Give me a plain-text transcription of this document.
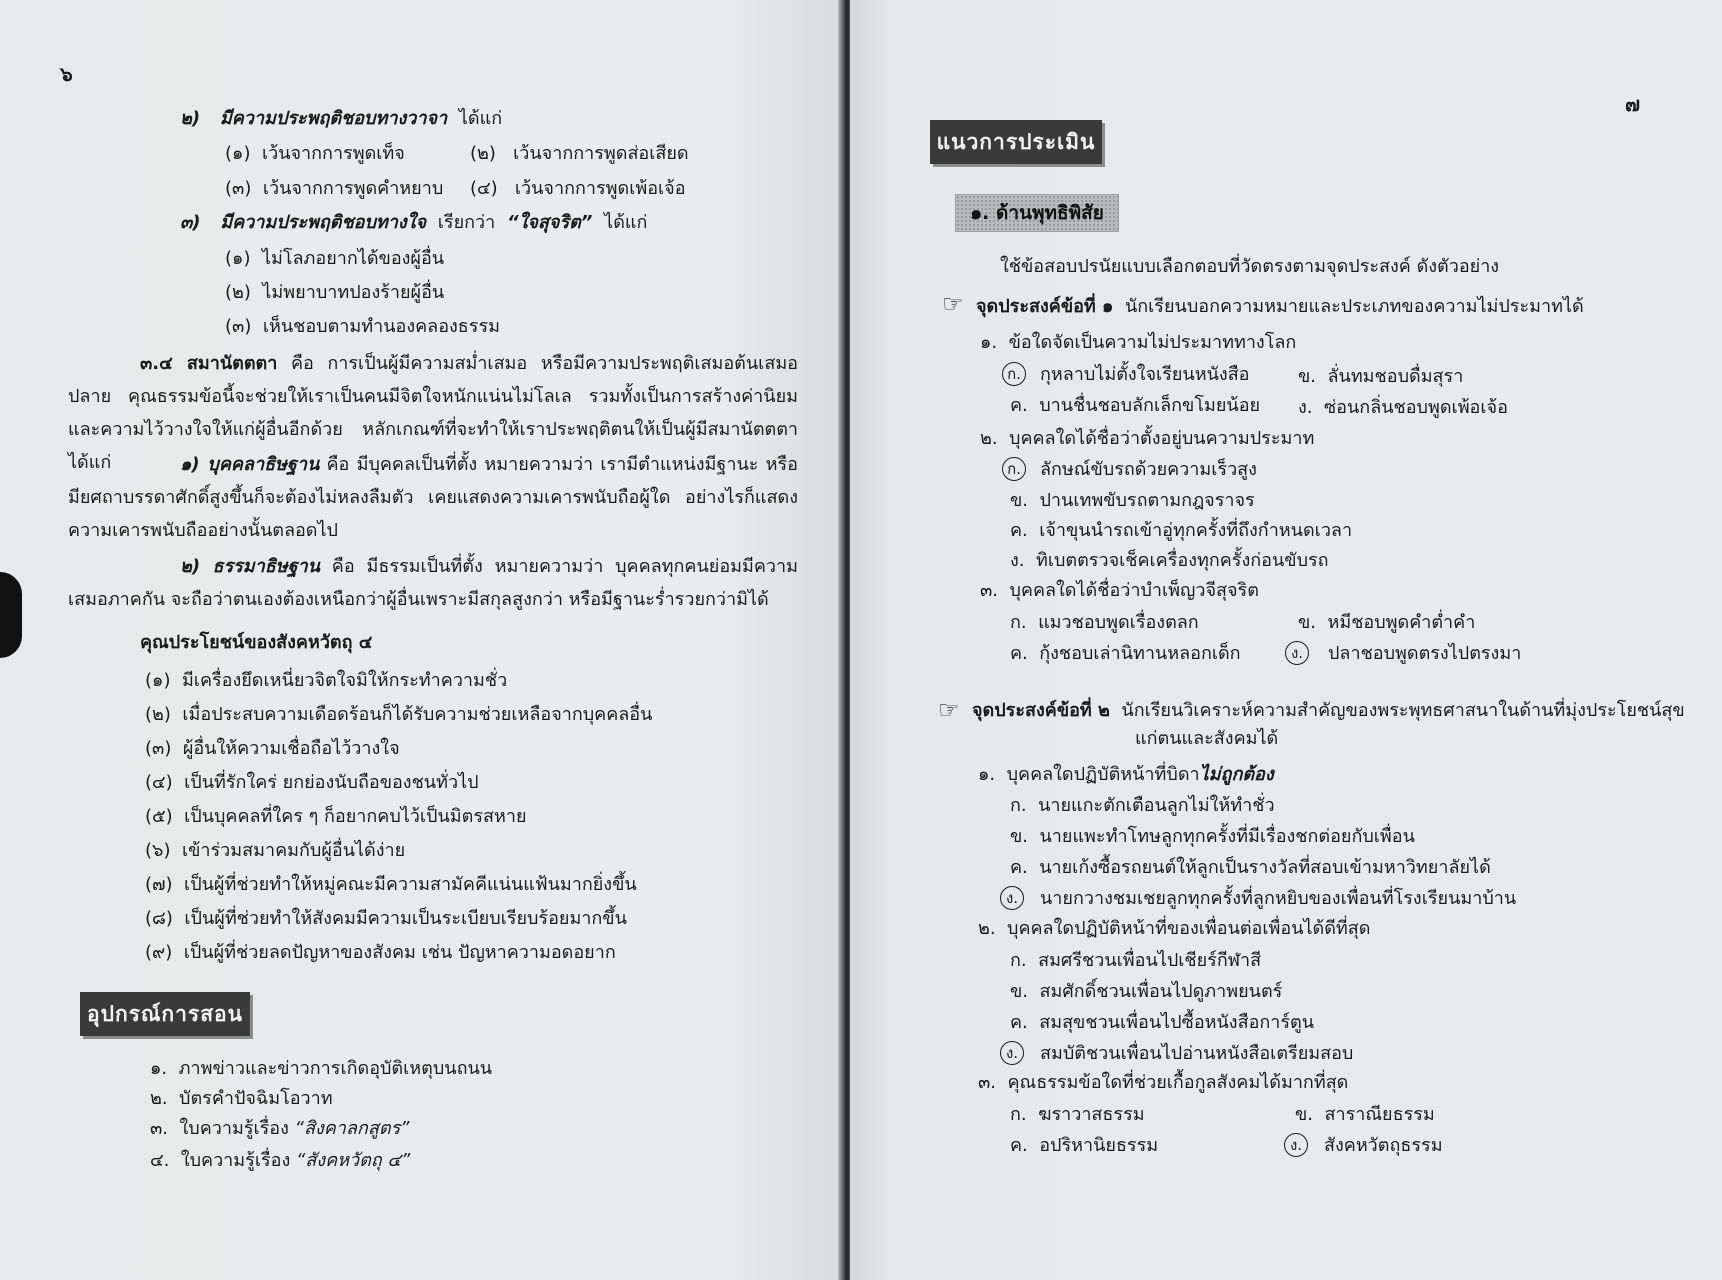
๖
๒) มีความประพฤติชอบทางวาจา ได้แก่
(๑) เว้นจากการพูดเท็จ	(๒) เว้นจากการพูดส่อเสียด
(๓) เว้นจากการพูดคำหยาบ (๔) เว้นจากการพูดเพ้อเจ้อ
๓) มีความประพฤติชอบทางใจ เรียกว่า “ใจสุจริต” ได้แก่
(๑) ไม่โลภอยากได้ของผู้อื่น
(๒) ไม่พยาบาทปองร้ายผู้อื่น
(๓) เห็นชอบตามทำนองคลองธรรม
๓.๔ สมานัตตตา คือ การเป็นผู้มีความสม่ำเสมอ หรือมีความประพฤติเสมอต้นเสมอปลาย คุณธรรมข้อนี้จะช่วยให้เราเป็นคนมีจิตใจหนักแน่นไม่โลเล รวมทั้งเป็นการสร้างค่านิยมและความไว้วางใจให้แก่ผู้อื่นอีกด้วย หลักเกณฑ์ที่จะทำให้เราประพฤติตนให้เป็นผู้มีสมานัตตตา ได้แก่	๑) บุคคลาธิษฐาน คือ มีบุคคลเป็นที่ตั้ง หมายความว่า เรามีตำแหน่งมีฐานะ หรือมียศถาบรรดาศักดิ์สูงขึ้นก็จะต้องไม่หลงลืมตัว เคยแสดงความเคารพนับถือผู้ใด อย่างไรก็แสดงความเคารพนับถืออย่างนั้นตลอดไป
๒) ธรรมาธิษฐาน คือ มีธรรมเป็นที่ตั้ง หมายความว่า บุคคลทุกคนย่อมมีความเสมอภาคกัน จะถือว่าตนเองต้องเหนือกว่าผู้อื่นเพราะมีสกุลสูงกว่า หรือมีฐานะร่ำรวยกว่ามิได้
คุณประโยชน์ของสังคหวัตถุ ๔
(๑) มีเครื่องยึดเหนี่ยวจิตใจมิให้กระทำความชั่ว
(๒) เมื่อประสบความเดือดร้อนก็ได้รับความช่วยเหลือจากบุคคลอื่น
(๓) ผู้อื่นให้ความเชื่อถือไว้วางใจ
(๔) เป็นที่รักใคร่ ยกย่องนับถือของชนทั่วไป
(๕) เป็นบุคคลที่ใคร ๆ ก็อยากคบไว้เป็นมิตรสหาย
(๖) เข้าร่วมสมาคมกับผู้อื่นได้ง่าย
(๗) เป็นผู้ที่ช่วยทำให้หมู่คณะมีความสามัคคีแน่นแฟ้นมากยิ่งขึ้น
(๘) เป็นผู้ที่ช่วยทำให้สังคมมีความเป็นระเบียบเรียบร้อยมากขึ้น
(๙) เป็นผู้ที่ช่วยลดปัญหาของสังคม เช่น ปัญหาความอดอยาก
อุปกรณ์การสอน
๑. ภาพข่าวและข่าวการเกิดอุบัติเหตุบนถนน
๒. บัตรคำปัจฉิมโอวาท
๓. ใบความรู้เรื่อง “สิงคาลกสูตร”
๔. ใบความรู้เรื่อง “สังคหวัตถุ ๔”
๗
แนวการประเมิน
๑. ด้านพุทธิพิสัย
ใช้ข้อสอบปรนัยแบบเลือกตอบที่วัดตรงตามจุดประสงค์ ดังตัวอย่าง
☞ จุดประสงค์ข้อที่ ๑ นักเรียนบอกความหมายและประเภทของความไม่ประมาทได้
๑. ข้อใดจัดเป็นความไม่ประมาททางโลก
ก. กุหลาบไม่ตั้งใจเรียนหนังสือ	ข. ลั่นทมชอบดื่มสุรา
ค. บานชื่นชอบลักเล็กขโมยน้อย ง. ซ่อนกลิ่นชอบพูดเพ้อเจ้อ
๒. บุคคลใดได้ชื่อว่าตั้งอยู่บนความประมาท
ก. ลักษณ์ขับรถด้วยความเร็วสูง
ข. ปานเทพขับรถตามกฎจราจร
ค. เจ้าขุนนำรถเข้าอู่ทุกครั้งที่ถึงกำหนดเวลา
ง. ทิเบตตรวจเช็คเครื่องทุกครั้งก่อนขับรถ
๓. บุคคลใดได้ชื่อว่าบำเพ็ญวจีสุจริต
ก. แมวชอบพูดเรื่องตลก	ข. หมีชอบพูดคำต่ำคำ
ค. กุ้งชอบเล่านิทานหลอกเด็ก	ง.	ปลาชอบพูดตรงไปตรงมา
☞ จุดประสงค์ข้อที่ ๒ นักเรียนวิเคราะห์ความสำคัญของพระพุทธศาสนาในด้านที่มุ่งประโยชน์สุข
แก่ตนและสังคมได้
๑. บุคคลใดปฏิบัติหน้าที่บิดาไม่ถูกต้อง
ก. นายแกะตักเตือนลูกไม่ให้ทำชั่ว
ข. นายแพะทำโทษลูกทุกครั้งที่มีเรื่องชกต่อยกับเพื่อน
ค. นายเก้งซื้อรถยนต์ให้ลูกเป็นรางวัลที่สอบเข้ามหาวิทยาลัยได้
ง.	นายกวางชมเชยลูกทุกครั้งที่ลูกหยิบของเพื่อนที่โรงเรียนมาบ้าน
๒. บุคคลใดปฏิบัติหน้าที่ของเพื่อนต่อเพื่อนได้ดีที่สุด
ก. สมศรีชวนเพื่อนไปเชียร์กีฬาสี
ข. สมศักดิ์ชวนเพื่อนไปดูภาพยนตร์
ค. สมสุขชวนเพื่อนไปซื้อหนังสือการ์ตูน
ง.	สมบัติชวนเพื่อนไปอ่านหนังสือเตรียมสอบ
๓. คุณธรรมข้อใดที่ช่วยเกื้อกูลสังคมได้มากที่สุด
ก. ฆราวาสธรรม	ข. สาราณียธรรม
ค. อปริหานิยธรรม	ง.	สังคหวัตถุธรรม
